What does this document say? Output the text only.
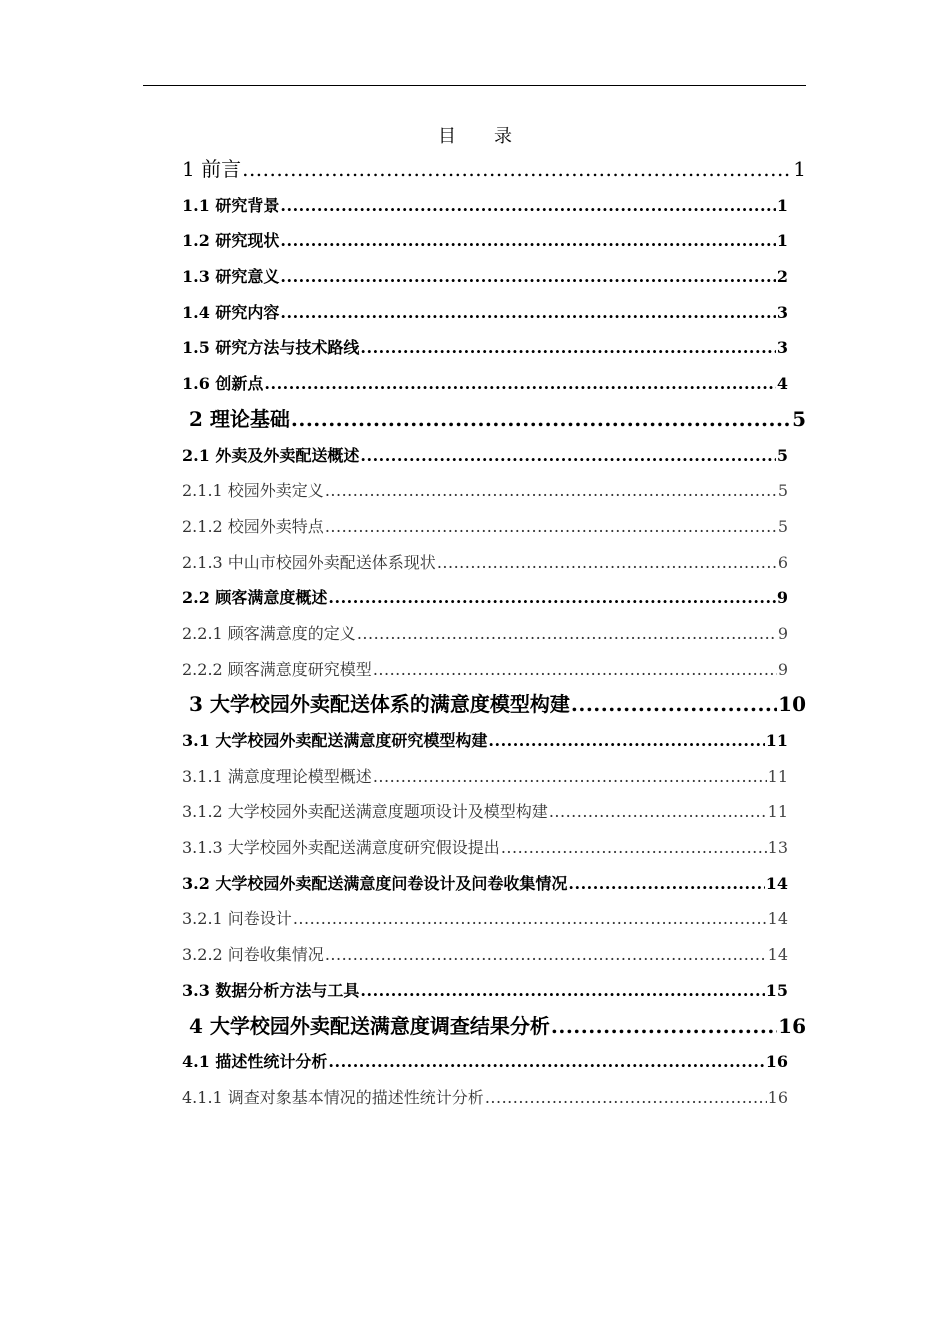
目 录
1 前言 .....	1
1.1 研究背景 .....	1
1.2 研究现状 .....	1
1.3 研究意义 .....	2
1.4 研究内容 .....	3
1.5 研究方法与技术路线 .....	3
1.6 创新点 .....	4
2 理论基础 .....	5
2.1 外卖及外卖配送概述 .....	5
2.1.1 校园外卖定义 .....	5
2.1.2 校园外卖特点 .....	5
2.1.3 中山市校园外卖配送体系现状 .....	6
2.2 顾客满意度概述 .....	9
2.2.1 顾客满意度的定义 .....	9
2.2.2 顾客满意度研究模型 .....	9
3 大学校园外卖配送体系的满意度模型构建 .....	10
3.1 大学校园外卖配送满意度研究模型构建 .....	11
3.1.1 满意度理论模型概述 .....	11
3.1.2 大学校园外卖配送满意度题项设计及模型构建 .....	11
3.1.3 大学校园外卖配送满意度研究假设提出 .....	13
3.2 大学校园外卖配送满意度问卷设计及问卷收集情况 .....	14
3.2.1 问卷设计 .....	14
3.2.2 问卷收集情况 .....	14
3.3 数据分析方法与工具 .....	15
4 大学校园外卖配送满意度调查结果分析 .....	16
4.1 描述性统计分析 .....	16
4.1.1 调查对象基本情况的描述性统计分析 .....	16
